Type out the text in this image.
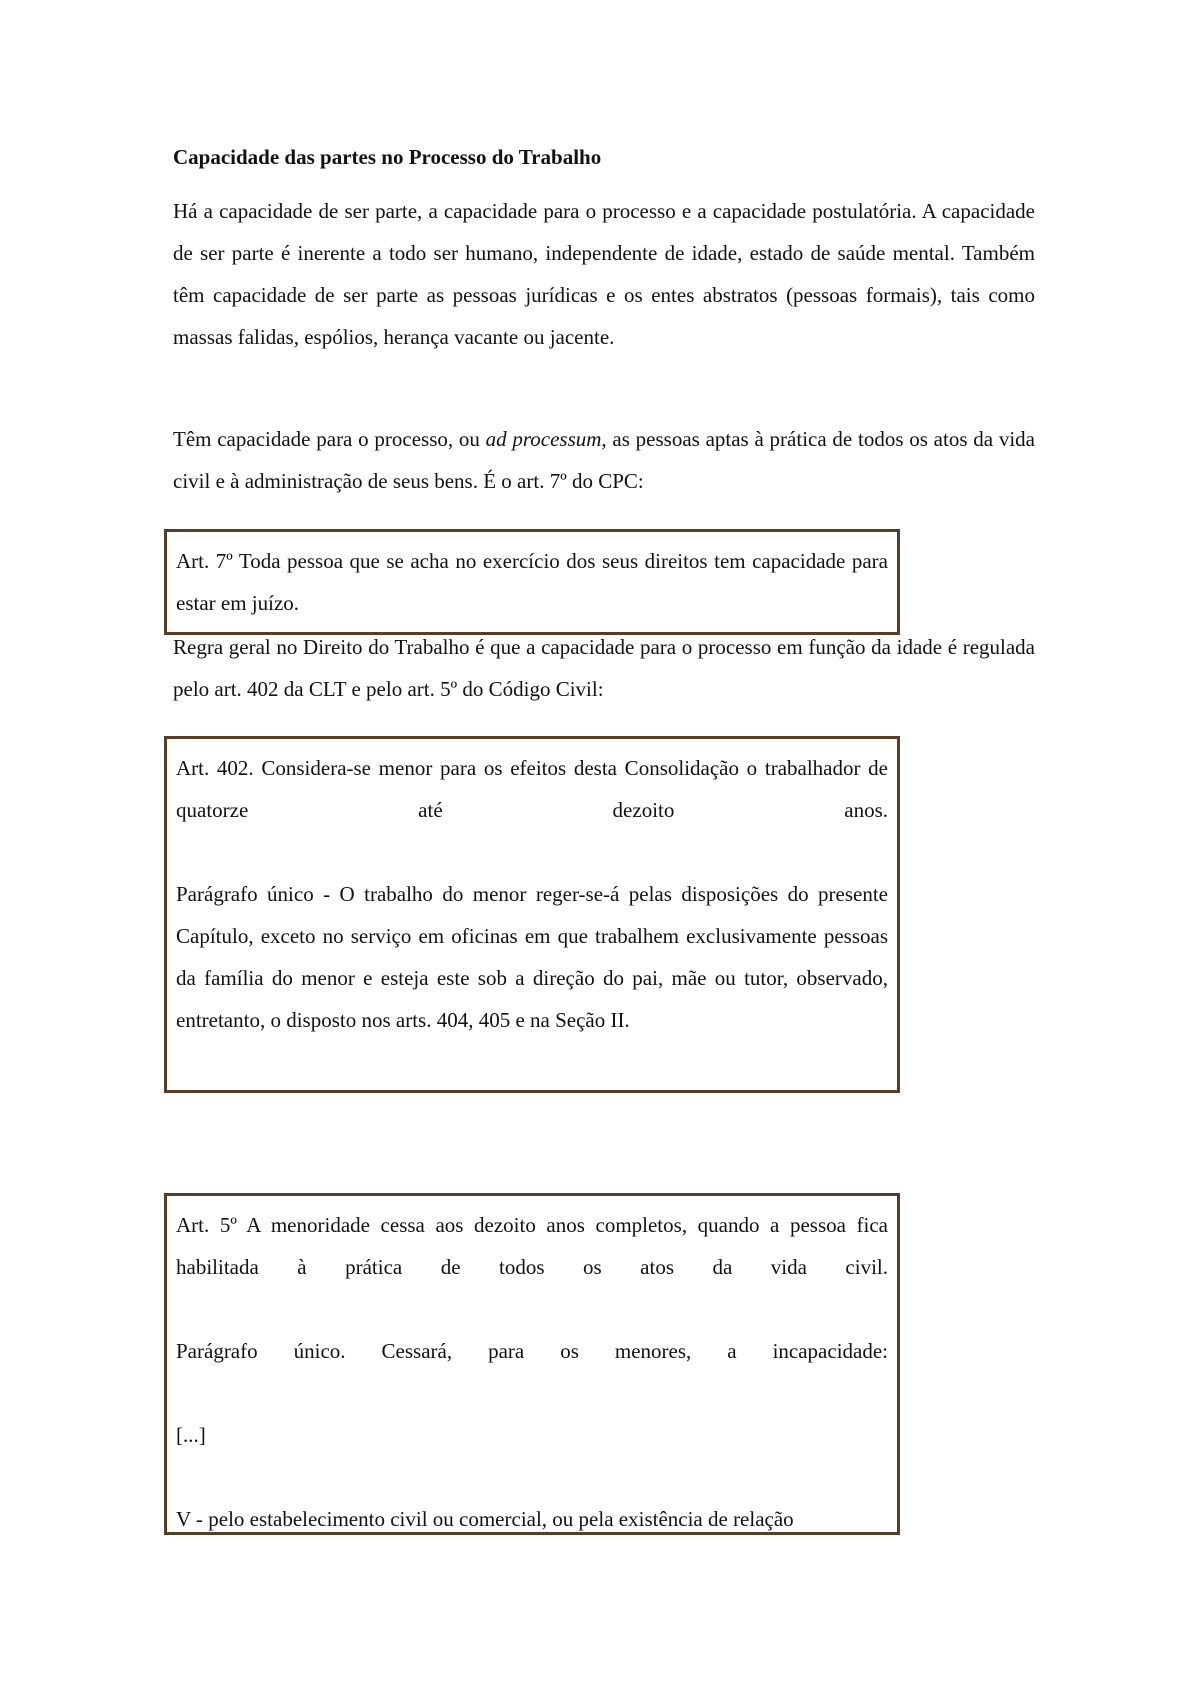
Capacidade das partes no Processo do Trabalho

Há a capacidade de ser parte, a capacidade para o processo e a capacidade postulatória. A capacidade de ser parte é inerente a todo ser humano, independente de idade, estado de saúde mental. Também têm capacidade de ser parte as pessoas jurídicas e os entes abstratos (pessoas formais), tais como massas falidas, espólios, herança vacante ou jacente.

Têm capacidade para o processo, ou ad processum, as pessoas aptas à prática de todos os atos da vida civil e à administração de seus bens. É o art. 7º do CPC:

Art. 7º Toda pessoa que se acha no exercício dos seus direitos tem capacidade para estar em juízo.

Regra geral no Direito do Trabalho é que a capacidade para o processo em função da idade é regulada pelo art. 402 da CLT e pelo art. 5º do Código Civil:

Art. 402. Considera-se menor para os efeitos desta Consolidação o trabalhador de quatorze até dezoito anos.

Parágrafo único - O trabalho do menor reger-se-á pelas disposições do presente Capítulo, exceto no serviço em oficinas em que trabalhem exclusivamente pessoas da família do menor e esteja este sob a direção do pai, mãe ou tutor, observado, entretanto, o disposto nos arts. 404, 405 e na Seção II.

Art. 5º A menoridade cessa aos dezoito anos completos, quando a pessoa fica habilitada à prática de todos os atos da vida civil.

Parágrafo único. Cessará, para os menores, a incapacidade:

[...]

V - pelo estabelecimento civil ou comercial, ou pela existência de relação
